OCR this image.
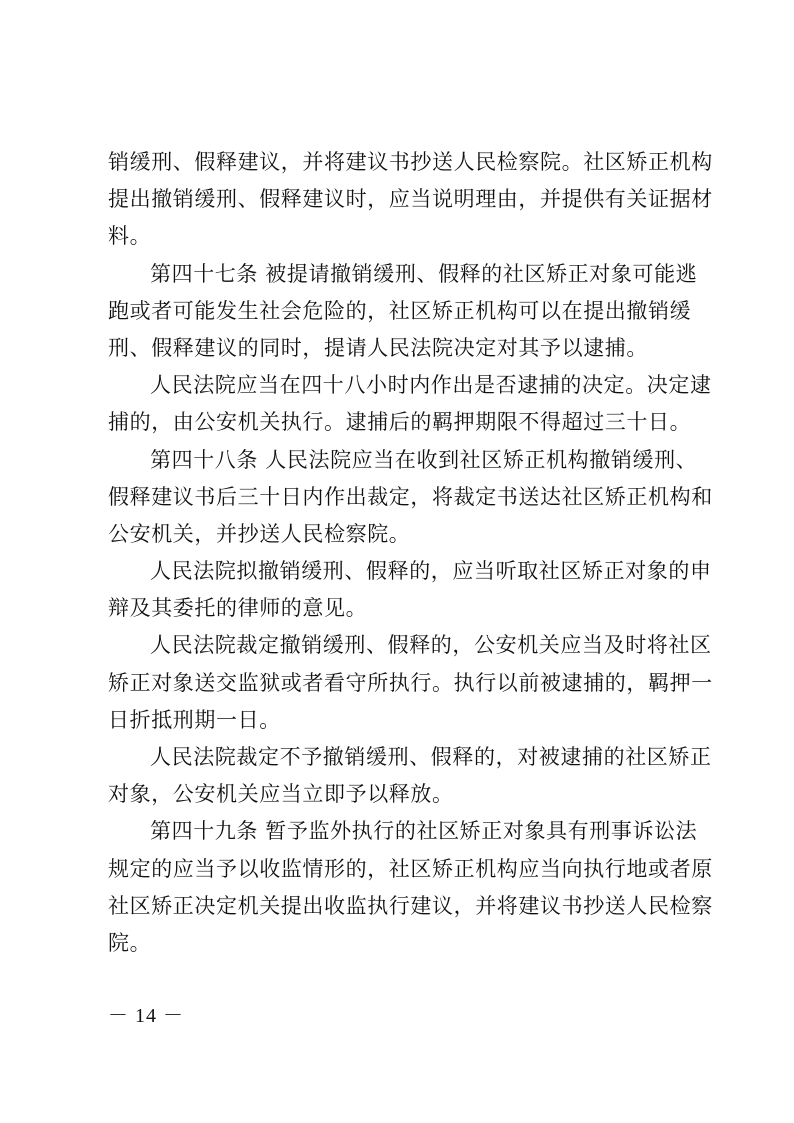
销缓刑、假释建议，并将建议书抄送人民检察院。社区矫正机构
提出撤销缓刑、假释建议时，应当说明理由，并提供有关证据材
料。
第四十七条 被提请撤销缓刑、假释的社区矫正对象可能逃
跑或者可能发生社会危险的，社区矫正机构可以在提出撤销缓
刑、假释建议的同时，提请人民法院决定对其予以逮捕。
人民法院应当在四十八小时内作出是否逮捕的决定。决定逮
捕的，由公安机关执行。逮捕后的羁押期限不得超过三十日。
第四十八条 人民法院应当在收到社区矫正机构撤销缓刑、
假释建议书后三十日内作出裁定，将裁定书送达社区矫正机构和
公安机关，并抄送人民检察院。
人民法院拟撤销缓刑、假释的，应当听取社区矫正对象的申
辩及其委托的律师的意见。
人民法院裁定撤销缓刑、假释的，公安机关应当及时将社区
矫正对象送交监狱或者看守所执行。执行以前被逮捕的，羁押一
日折抵刑期一日。
人民法院裁定不予撤销缓刑、假释的，对被逮捕的社区矫正
对象，公安机关应当立即予以释放。
第四十九条 暂予监外执行的社区矫正对象具有刑事诉讼法
规定的应当予以收监情形的，社区矫正机构应当向执行地或者原
社区矫正决定机关提出收监执行建议，并将建议书抄送人民检察
院。
－ 14 －
